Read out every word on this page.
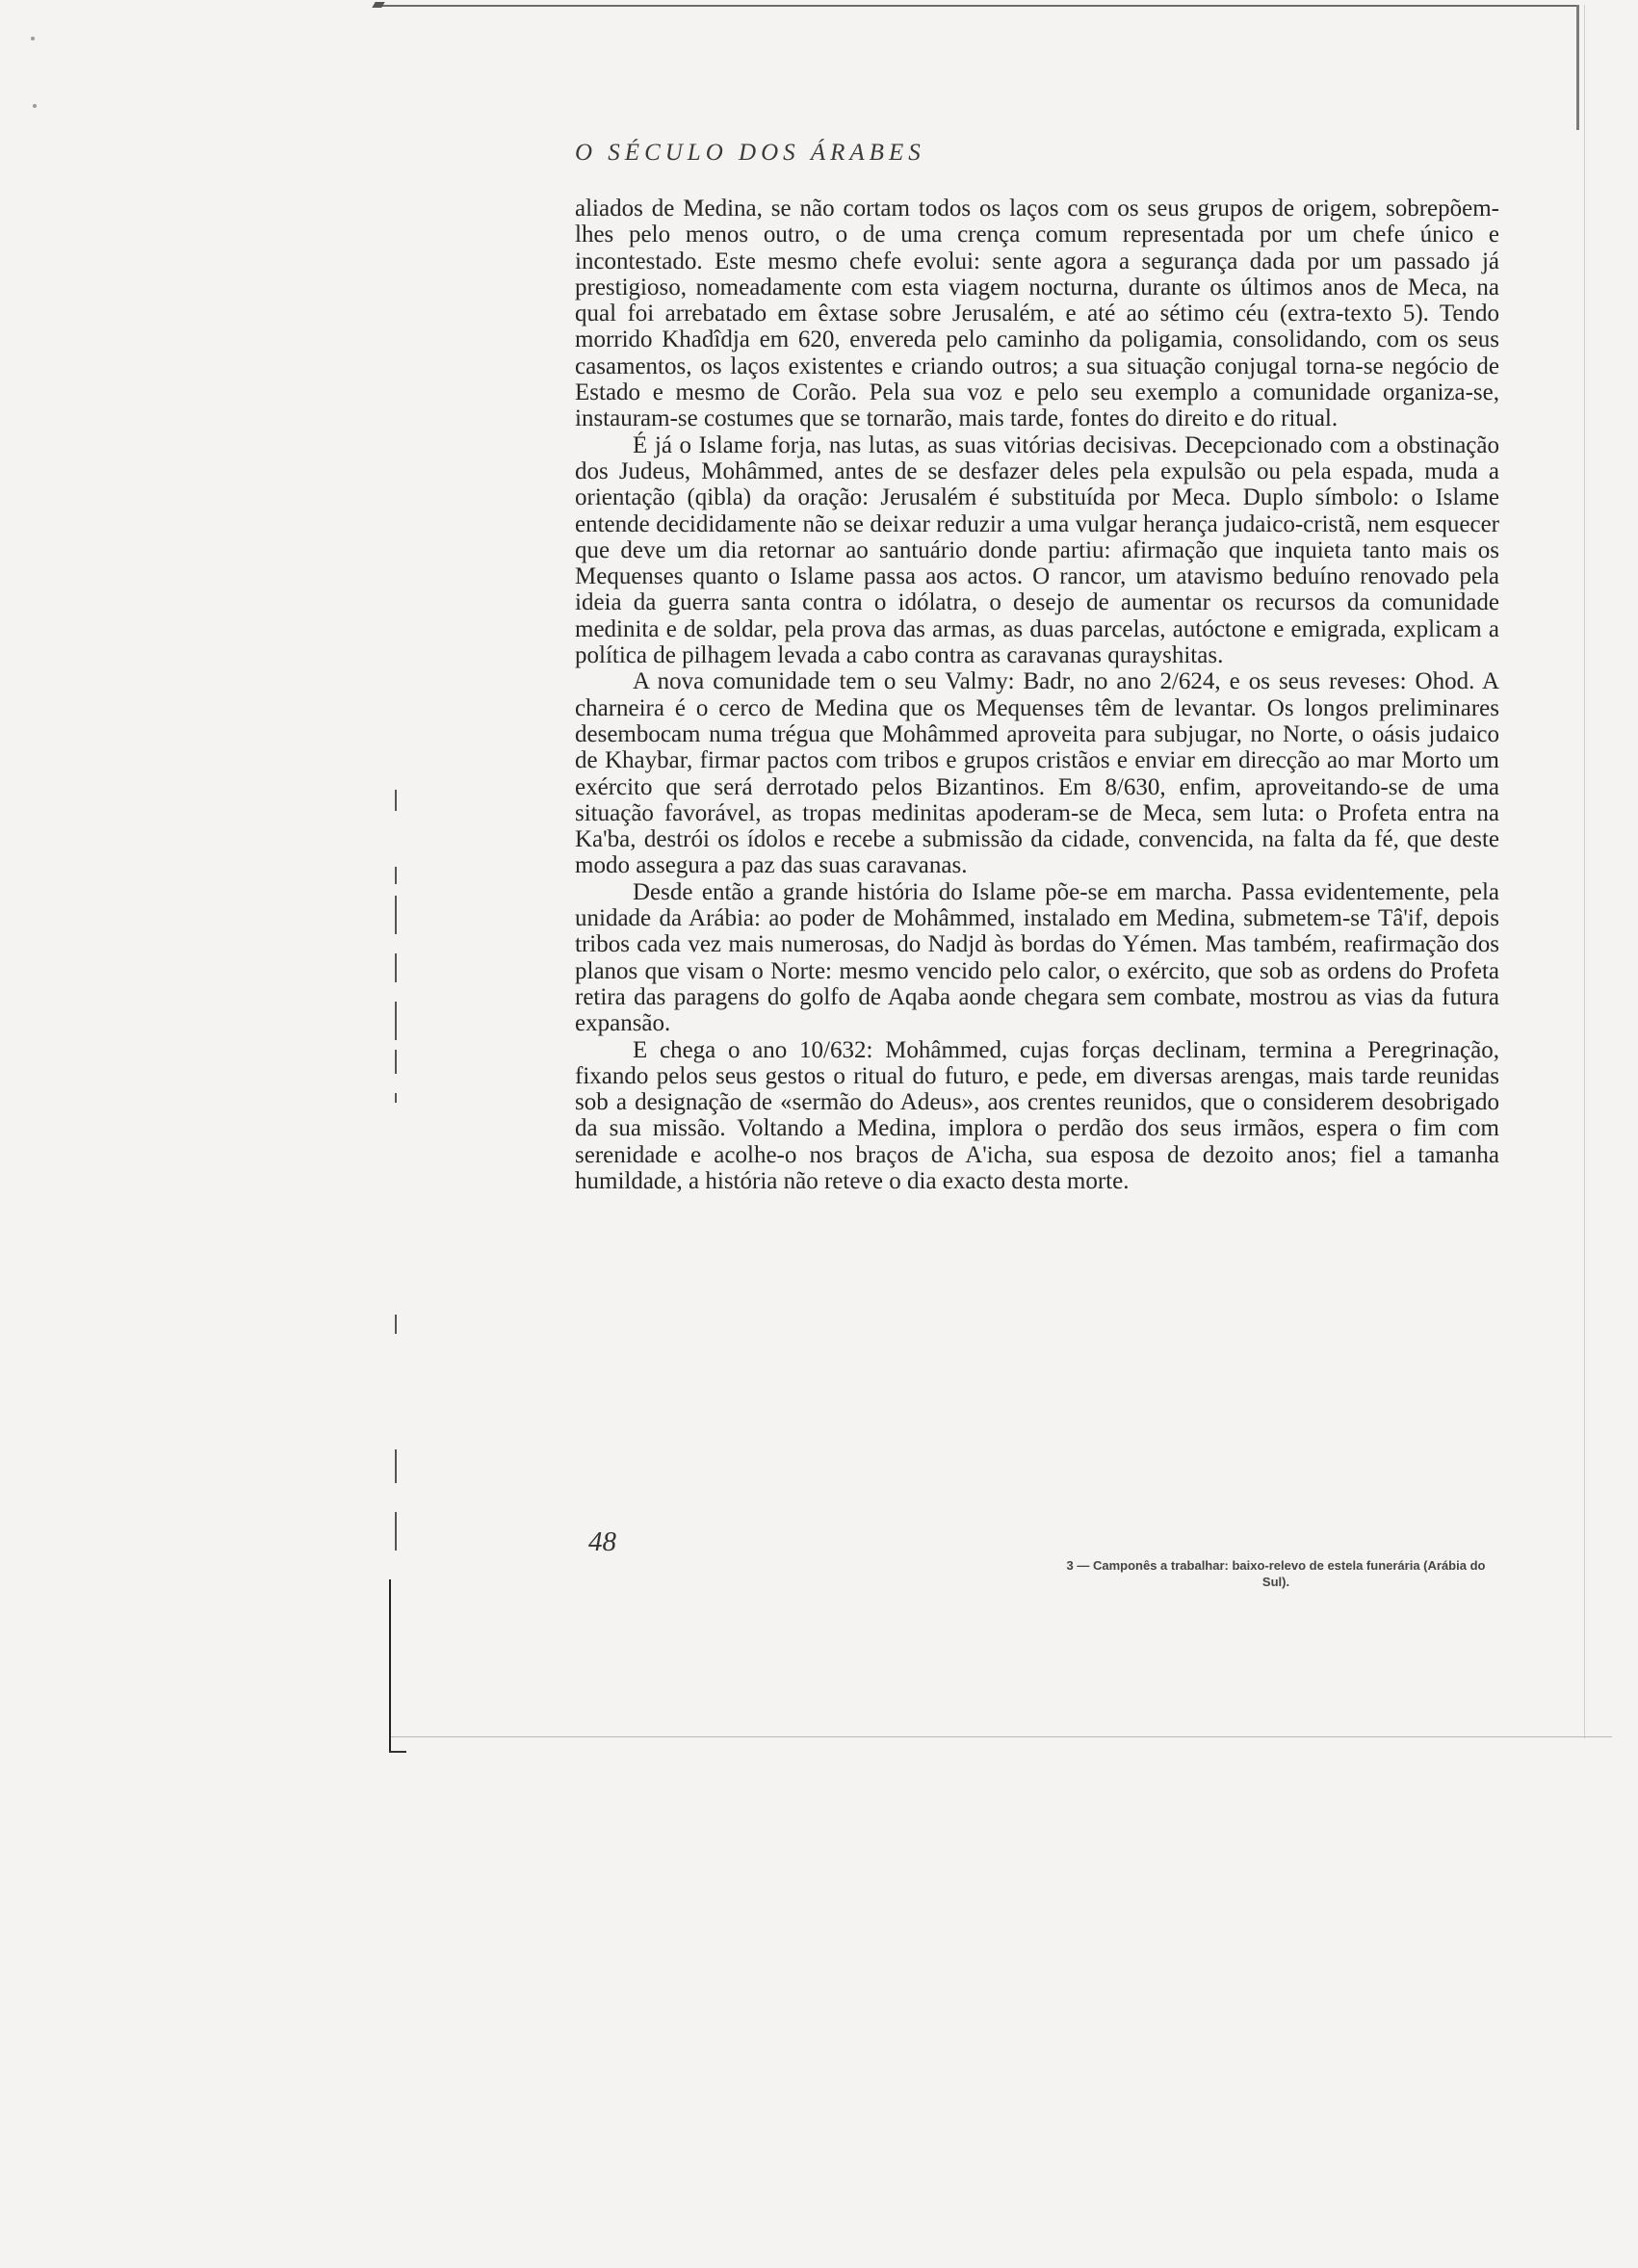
O SÉCULO DOS ÁRABES

aliados de Medina, se não cortam todos os laços com os seus grupos de origem, sobrepõem-lhes pelo menos outro, o de uma crença comum representada por um chefe único e incontestado. Este mesmo chefe evolui: sente agora a segurança dada por um passado já prestigioso, nomeadamente com esta viagem nocturna, durante os últimos anos de Meca, na qual foi arrebatado em êxtase sobre Jerusalém, e até ao sétimo céu (extra-texto 5). Tendo morrido Khadîdja em 620, envereda pelo caminho da poligamia, consolidando, com os seus casamentos, os laços existentes e criando outros; a sua situação conjugal torna-se negócio de Estado e mesmo de Corão. Pela sua voz e pelo seu exemplo a comunidade organiza-se, instauram-se costumes que se tornarão, mais tarde, fontes do direito e do ritual.

É já o Islame forja, nas lutas, as suas vitórias decisivas. Decepcionado com a obstinação dos Judeus, Mohâmmed, antes de se desfazer deles pela expulsão ou pela espada, muda a orientação (qibla) da oração: Jerusalém é substituída por Meca. Duplo símbolo: o Islame entende decididamente não se deixar reduzir a uma vulgar herança judaico-cristã, nem esquecer que deve um dia retornar ao santuário donde partiu: afirmação que inquieta tanto mais os Mequenses quanto o Islame passa aos actos. O rancor, um atavismo beduíno renovado pela ideia da guerra santa contra o idólatra, o desejo de aumentar os recursos da comunidade medinita e de soldar, pela prova das armas, as duas parcelas, autóctone e emigrada, explicam a política de pilhagem levada a cabo contra as caravanas qurayshitas.

A nova comunidade tem o seu Valmy: Badr, no ano 2/624, e os seus reveses: Ohod. A charneira é o cerco de Medina que os Mequenses têm de levantar. Os longos preliminares desembocam numa trégua que Mohâmmed aproveita para subjugar, no Norte, o oásis judaico de Khaybar, firmar pactos com tribos e grupos cristãos e enviar em direcção ao mar Morto um exército que será derrotado pelos Bizantinos. Em 8/630, enfim, aproveitando-se de uma situação favorável, as tropas medinitas apoderam-se de Meca, sem luta: o Profeta entra na Ka'ba, destrói os ídolos e recebe a submissão da cidade, convencida, na falta da fé, que deste modo assegura a paz das suas caravanas.

Desde então a grande história do Islame põe-se em marcha. Passa evidentemente, pela unidade da Arábia: ao poder de Mohâmmed, instalado em Medina, submetem-se Tâ'if, depois tribos cada vez mais numerosas, do Nadjd às bordas do Yémen. Mas também, reafirmação dos planos que visam o Norte: mesmo vencido pelo calor, o exército, que sob as ordens do Profeta retira das paragens do golfo de Aqaba aonde chegara sem combate, mostrou as vias da futura expansão.

E chega o ano 10/632: Mohâmmed, cujas forças declinam, termina a Peregrinação, fixando pelos seus gestos o ritual do futuro, e pede, em diversas arengas, mais tarde reunidas sob a designação de «sermão do Adeus», aos crentes reunidos, que o considerem desobrigado da sua missão. Voltando a Medina, implora o perdão dos seus irmãos, espera o fim com serenidade e acolhe-o nos braços de A'icha, sua esposa de dezoito anos; fiel a tamanha humildade, a história não reteve o dia exacto desta morte.

48
3 — Camponês a trabalhar: baixo-relevo de estela funerária (Arábia do Sul).
